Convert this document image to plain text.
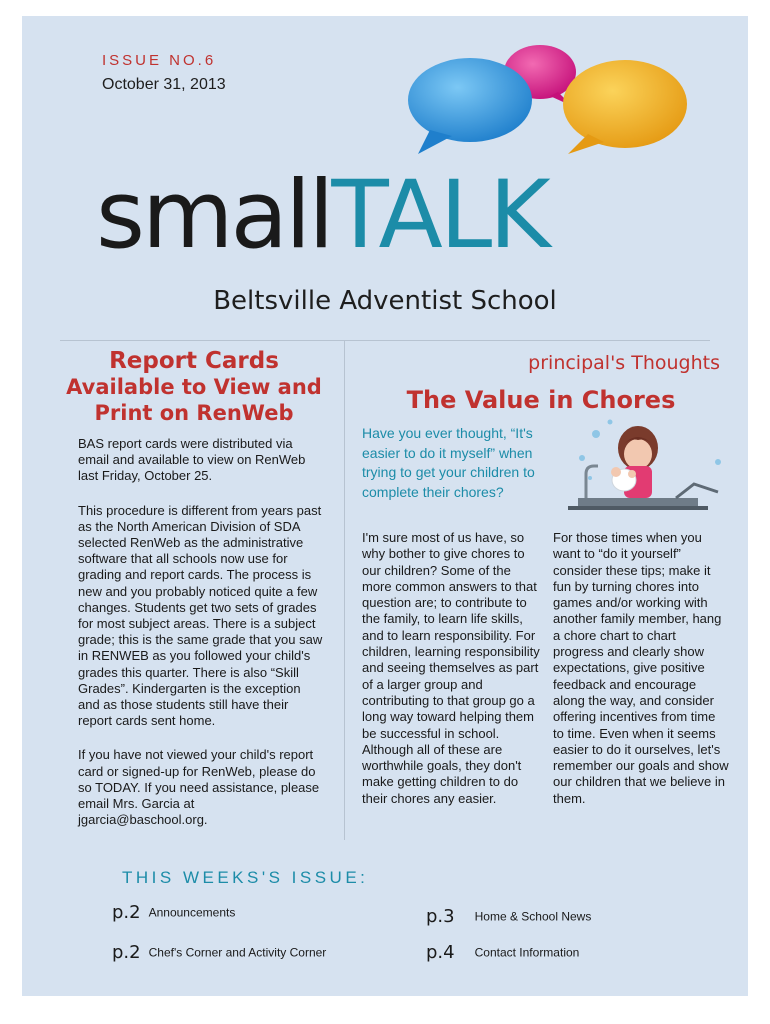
ISSUE NO.6
October 31, 2013
smallTALK
Beltsville Adventist School
Report Cards
Available to View and
Print on RenWeb

BAS report cards were distributed via email and available to view on RenWeb last Friday, October 25.

This procedure is different from years past as the North American Division of SDA selected RenWeb as the administrative software that all schools now use for grading and report cards. The process is new and you probably noticed quite a few changes. Students get two sets of grades for most subject areas. There is a subject grade; this is the same grade that you saw in RENWEB as you followed your child's grades this quarter. There is also “Skill Grades”. Kindergarten is the exception and as those students still have their report cards sent home.

If you have not viewed your child's report card or signed-up for RenWeb, please do so TODAY. If you need assistance, please email Mrs. Garcia at jgarcia@baschool.org.

principal's Thoughts
The Value in Chores
Have you ever thought, “It's easier to do it myself” when trying to get your children to complete their chores?
I'm sure most of us have, so why bother to give chores to our children? Some of the more common answers to that question are; to contribute to the family, to learn life skills, and to learn responsibility. For children, learning responsibility and seeing themselves as part of a larger group and contributing to that group go a long way toward helping them be successful in school. Although all of these are worthwhile goals, they don't make getting children to do their chores any easier.
For those times when you want to “do it yourself” consider these tips; make it fun by turning chores into games and/or working with another family member, hang a chore chart to chart progress and clearly show expectations, give positive feedback and encourage along the way, and consider offering incentives from time to time. Even when it seems easier to do it ourselves, let's remember our goals and show our children that we believe in them.
THIS WEEKS'S ISSUE:
p.2 Announcements
p.2 Chef's Corner and Activity Corner
p.3 Home & School News
p.4 Contact Information
